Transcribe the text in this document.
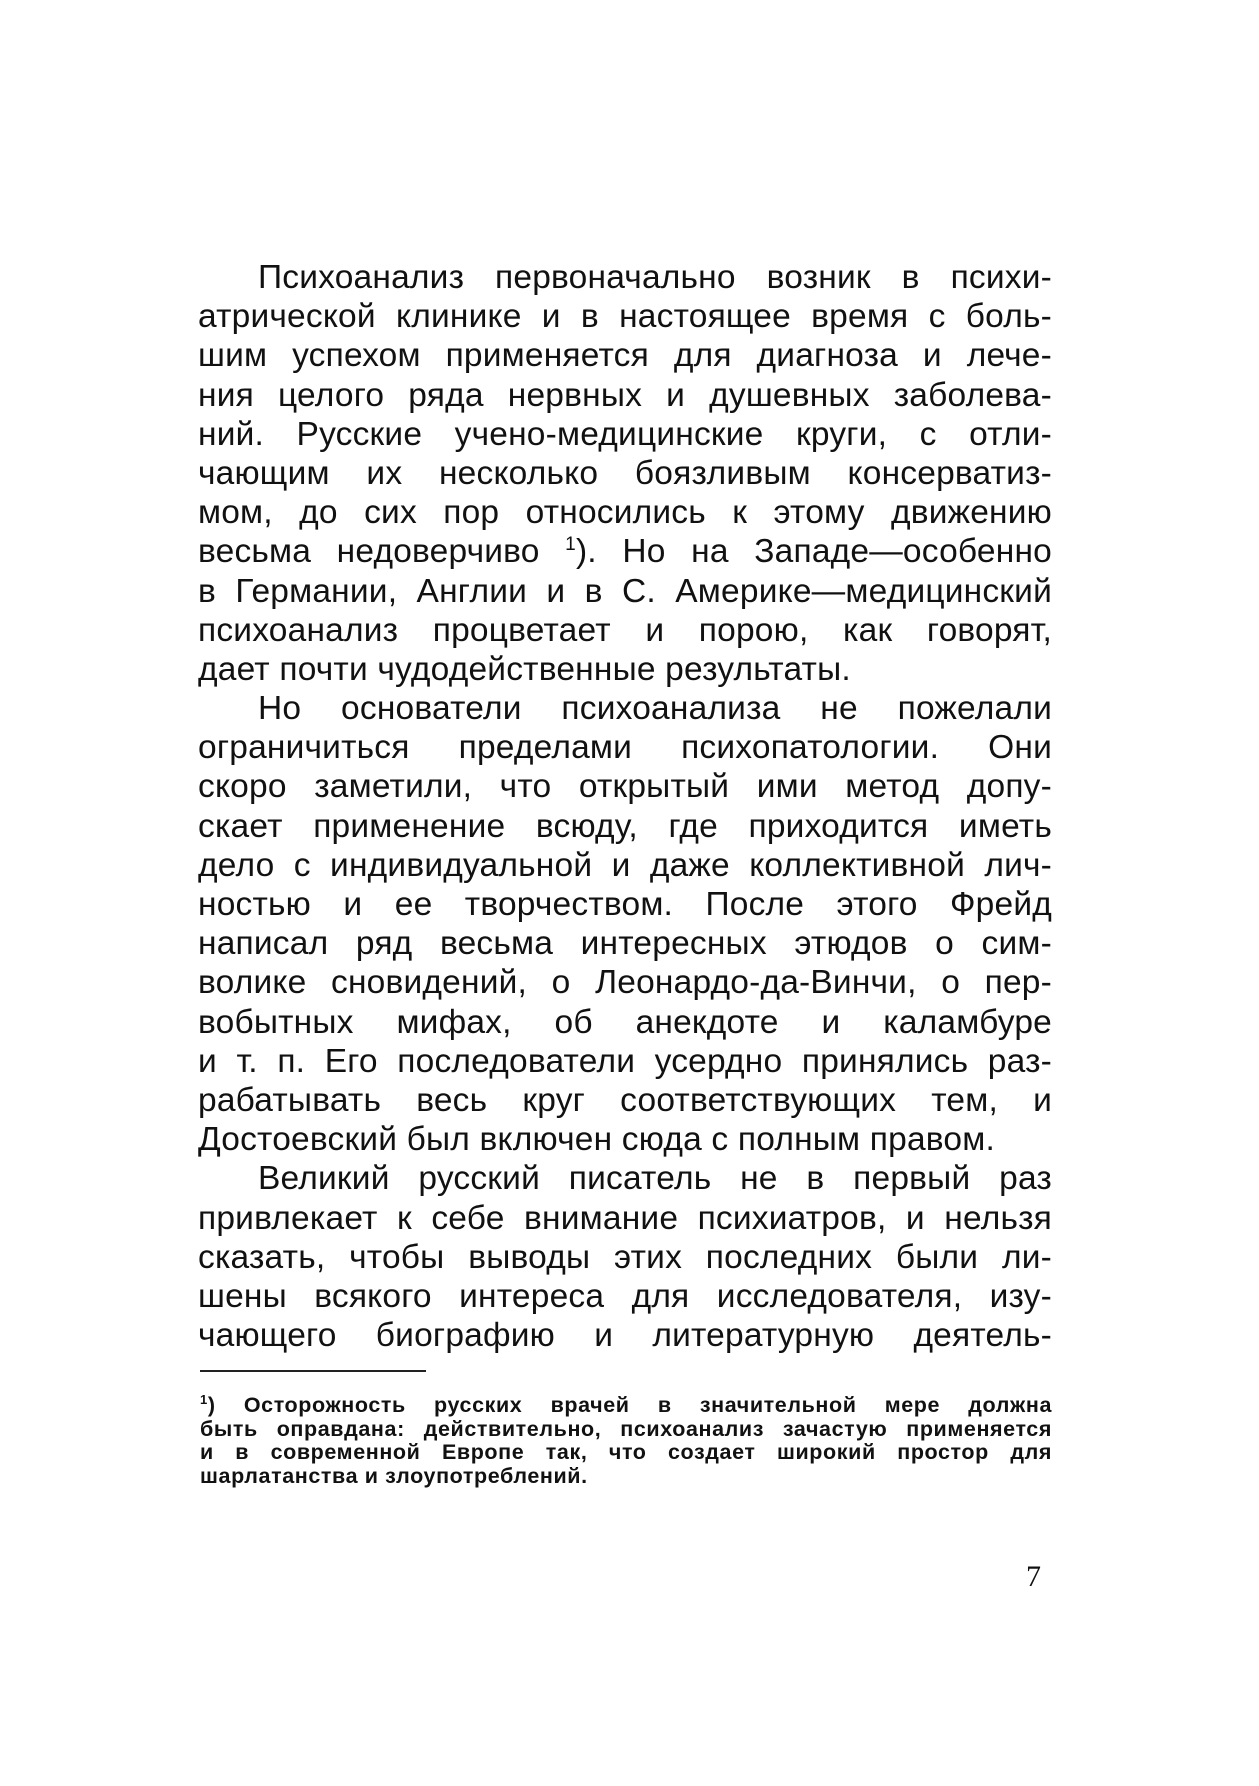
Психоанализ первоначально возник в психи-
атрической клинике и в настоящее время с боль-
шим успехом применяется для диагноза и лече-
ния целого ряда нервных и душевных заболева-
ний. Русские учено-медицинские круги, с отли-
чающим их несколько боязливым консерватиз-
мом, до сих пор относились к этому движению
весьма недоверчиво $^1$). Но на Западе—особенно
в Германии, Англии и в С. Америке—медицинский
психоанализ процветает и порою, как говорят,
дает почти чудодейственные результаты.
Но основатели психоанализа не пожелали
ограничиться пределами психопатологии. Они
скоро заметили, что открытый ими метод допу-
скает применение всюду, где приходится иметь
дело с индивидуальной и даже коллективной лич-
ностью и ее творчеством. После этого Фрейд
написал ряд весьма интересных этюдов о сим-
волике сновидений, о Леонардо-да-Винчи, о пер-
вобытных мифах, об анекдоте и каламбуре
и т. п. Его последователи усердно принялись раз-
рабатывать весь круг соответствующих тем, и
Достоевский был включен сюда с полным правом.
Великий русский писатель не в первый раз
привлекает к себе внимание психиатров, и нельзя
сказать, чтобы выводы этих последних были ли-
шены всякого интереса для исследователя, изу-
чающего биографию и литературную деятель-
$^1$) Осторожность русских врачей в значительной мере должна
быть оправдана: действительно, психоанализ зачастую применяется
и в современной Европе так, что создает широкий простор для
шарлатанства и злоупотреблений.
7
